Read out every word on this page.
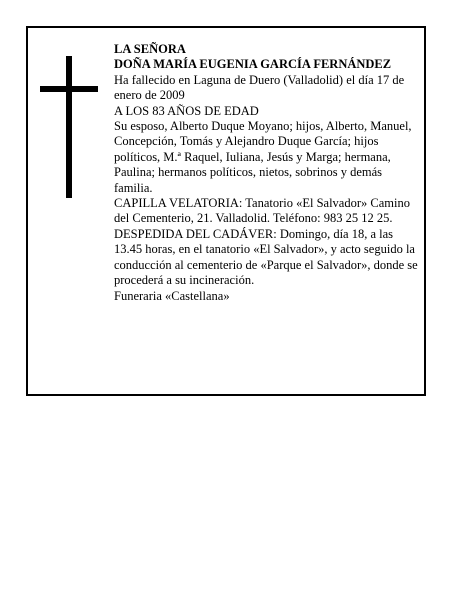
LA SEÑORA

DOÑA MARÍA EUGENIA GARCÍA FERNÁNDEZ

Ha fallecido en Laguna de Duero (Valladolid) el día 17 de enero de 2009

A LOS 83 AÑOS DE EDAD

Su esposo, Alberto Duque Moyano; hijos, Alberto, Manuel, Concepción, Tomás y Alejandro Duque García; hijos políticos, M.ª Raquel, Iuliana, Jesús y Marga; hermana, Paulina; hermanos políticos, nietos, sobrinos y demás familia.

CAPILLA VELATORIA: Tanatorio «El Salvador» Camino del Cementerio, 21. Valladolid. Teléfono: 983 25 12 25.

DESPEDIDA DEL CADÁVER: Domingo, día 18, a las 13.45 horas, en el tanatorio «El Salvador», y acto seguido la conducción al cementerio de «Parque el Salvador», donde se procederá a su incineración.

Funeraria «Castellana»
